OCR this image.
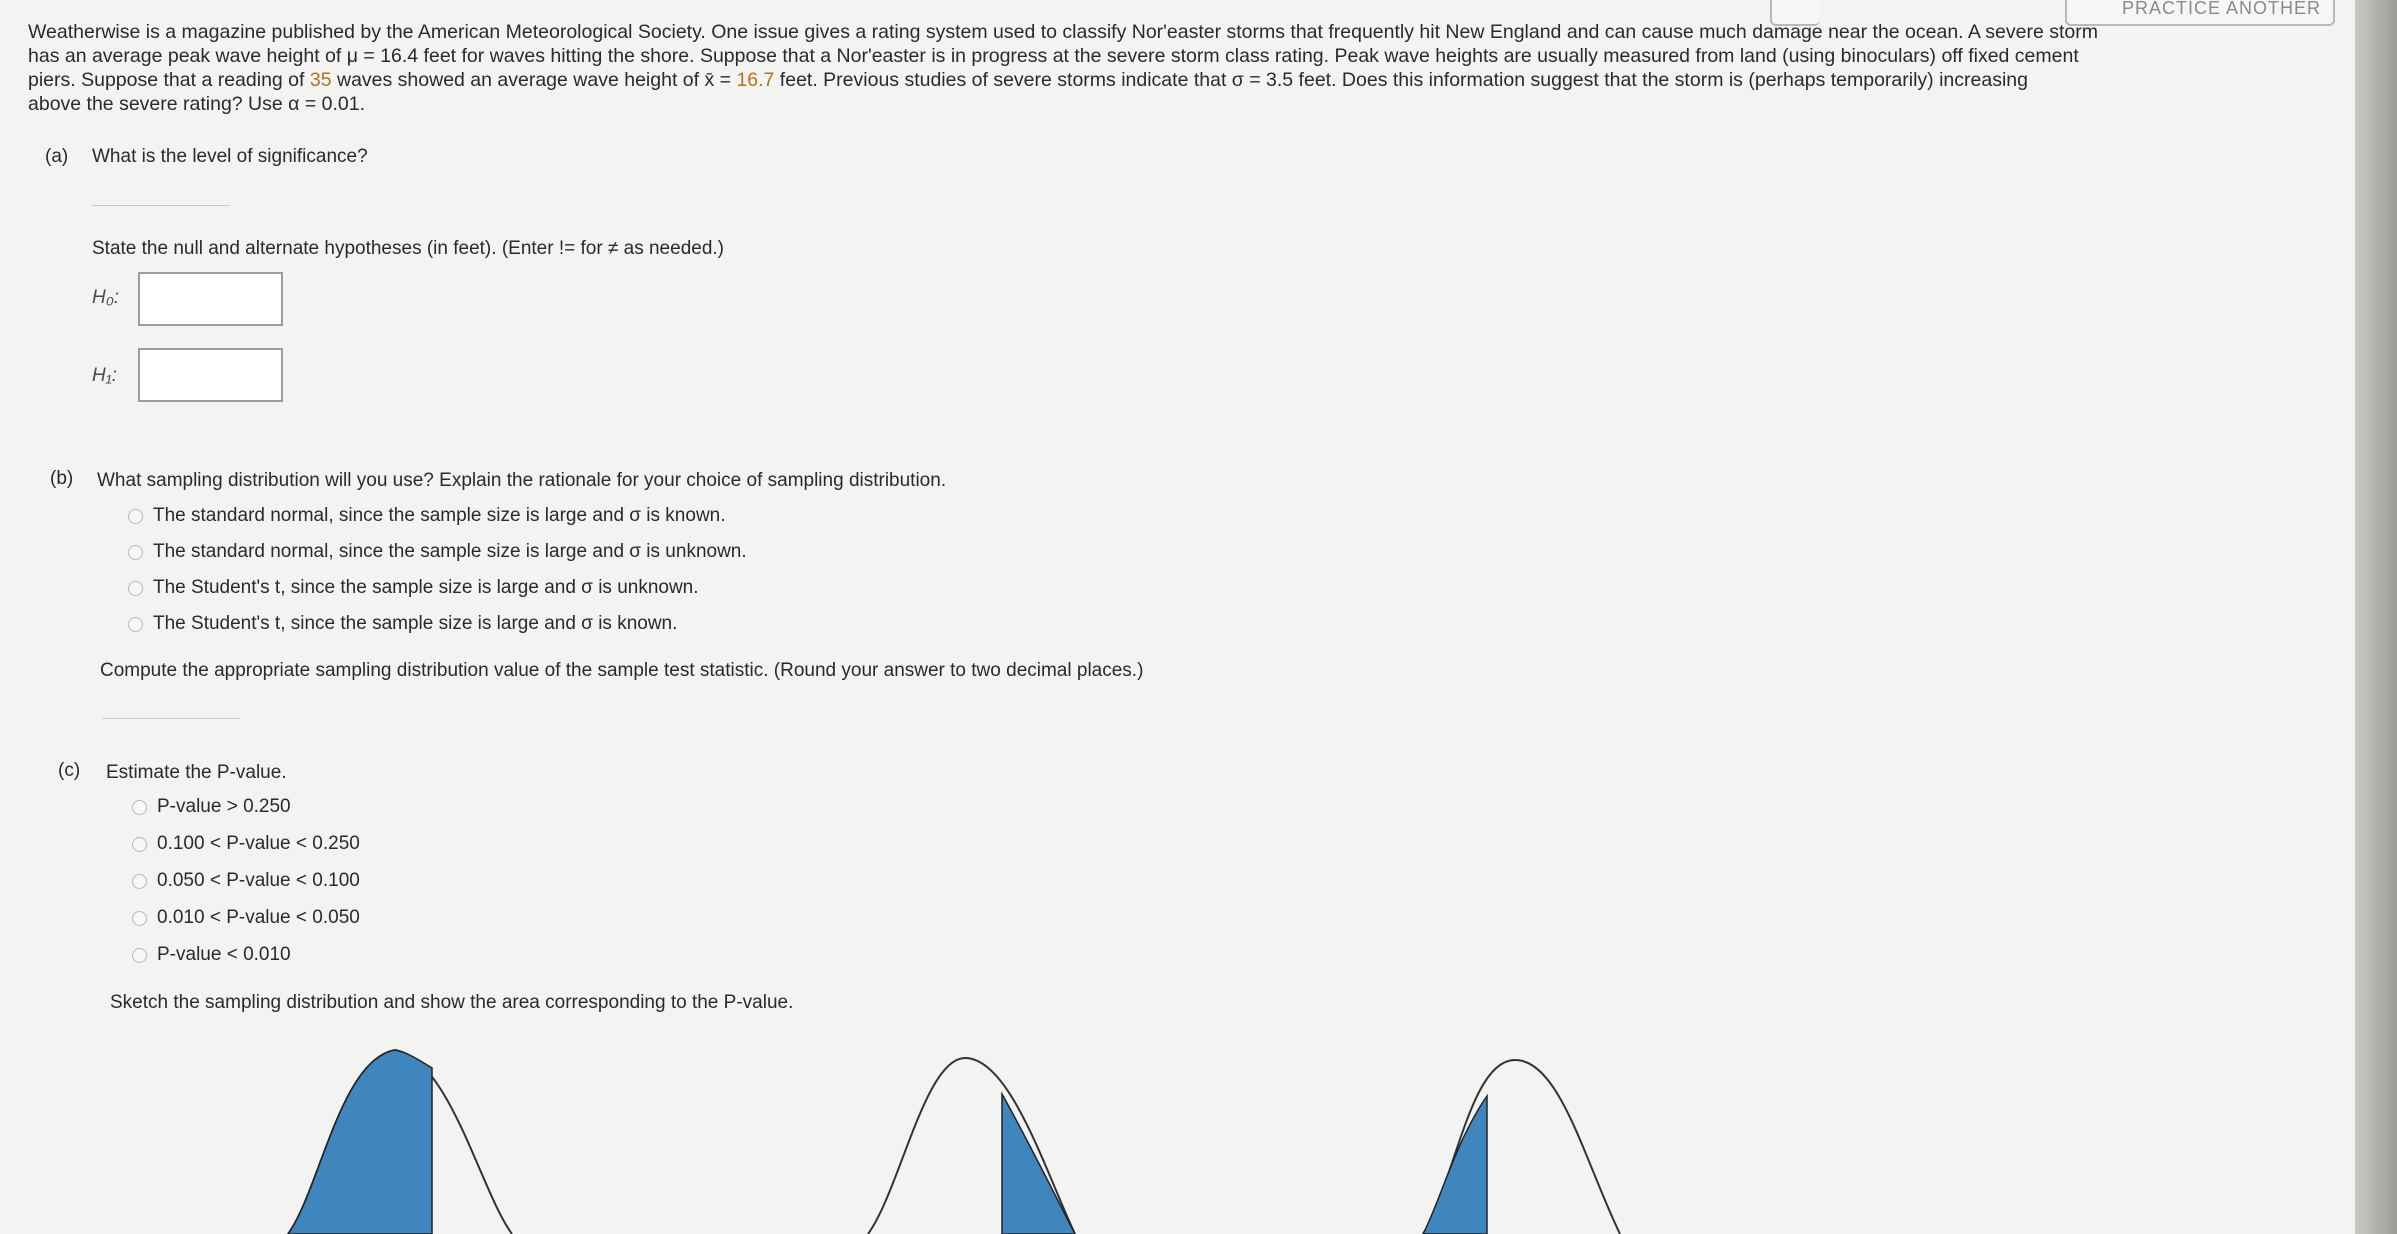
PRACTICE ANOTHER
Weatherwise is a magazine published by the American Meteorological Society. One issue gives a rating system used to classify Nor'easter storms that frequently hit New England and can cause much damage near the ocean. A severe storm
has an average peak wave height of μ = 16.4 feet for waves hitting the shore. Suppose that a Nor'easter is in progress at the severe storm class rating. Peak wave heights are usually measured from land (using binoculars) off fixed cement
piers. Suppose that a reading of 35 waves showed an average wave height of x̄ = 16.7 feet. Previous studies of severe storms indicate that σ = 3.5 feet. Does this information suggest that the storm is (perhaps temporarily) increasing
above the severe rating? Use α = 0.01.
(a) What is the level of significance?
State the null and alternate hypotheses (in feet). (Enter != for ≠ as needed.)
H₀:
H₁:
(b) What sampling distribution will you use? Explain the rationale for your choice of sampling distribution.
The standard normal, since the sample size is large and σ is known.
The standard normal, since the sample size is large and σ is unknown.
The Student's t, since the sample size is large and σ is unknown.
The Student's t, since the sample size is large and σ is known.
Compute the appropriate sampling distribution value of the sample test statistic. (Round your answer to two decimal places.)
(c) Estimate the P-value.
P-value > 0.250
0.100 < P-value < 0.250
0.050 < P-value < 0.100
0.010 < P-value < 0.050
P-value < 0.010
Sketch the sampling distribution and show the area corresponding to the P-value.
